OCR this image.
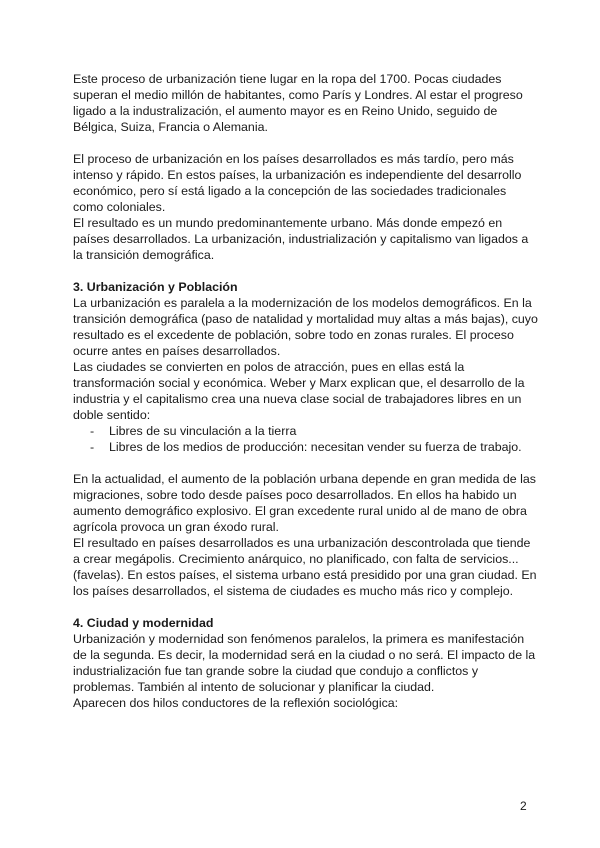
Este proceso de urbanización tiene lugar en la ropa del 1700. Pocas ciudades
superan el medio millón de habitantes, como París y Londres. Al estar el progreso
ligado a la industralización, el aumento mayor es en Reino Unido, seguido de
Bélgica, Suiza, Francia o Alemania.
El proceso de urbanización en los países desarrollados es más tardío, pero más
intenso y rápido. En estos países, la urbanización es independiente del desarrollo
económico, pero sí está ligado a la concepción de las sociedades tradicionales
como coloniales.
El resultado es un mundo predominantemente urbano. Más donde empezó en
países desarrollados. La urbanización, industrialización y capitalismo van ligados a
la transición demográfica.
3. Urbanización y Población
La urbanización es paralela a la modernización de los modelos demográficos. En la
transición demográfica (paso de natalidad y mortalidad muy altas a más bajas), cuyo
resultado es el excedente de población, sobre todo en zonas rurales. El proceso
ocurre antes en países desarrollados.
Las ciudades se convierten en polos de atracción, pues en ellas está la
transformación social y económica. Weber y Marx explican que, el desarrollo de la
industria y el capitalismo crea una nueva clase social de trabajadores libres en un
doble sentido:
- Libres de su vinculación a la tierra
- Libres de los medios de producción: necesitan vender su fuerza de trabajo.
En la actualidad, el aumento de la población urbana depende en gran medida de las
migraciones, sobre todo desde países poco desarrollados. En ellos ha habido un
aumento demográfico explosivo. El gran excedente rural unido al de mano de obra
agrícola provoca un gran éxodo rural.
El resultado en países desarrollados es una urbanización descontrolada que tiende
a crear megápolis. Crecimiento anárquico, no planificado, con falta de servicios...
(favelas). En estos países, el sistema urbano está presidido por una gran ciudad. En
los países desarrollados, el sistema de ciudades es mucho más rico y complejo.
4. Ciudad y modernidad
Urbanización y modernidad son fenómenos paralelos, la primera es manifestación
de la segunda. Es decir, la modernidad será en la ciudad o no será. El impacto de la
industrialización fue tan grande sobre la ciudad que condujo a conflictos y
problemas. También al intento de solucionar y planificar la ciudad.
Aparecen dos hilos conductores de la reflexión sociológica:
2
